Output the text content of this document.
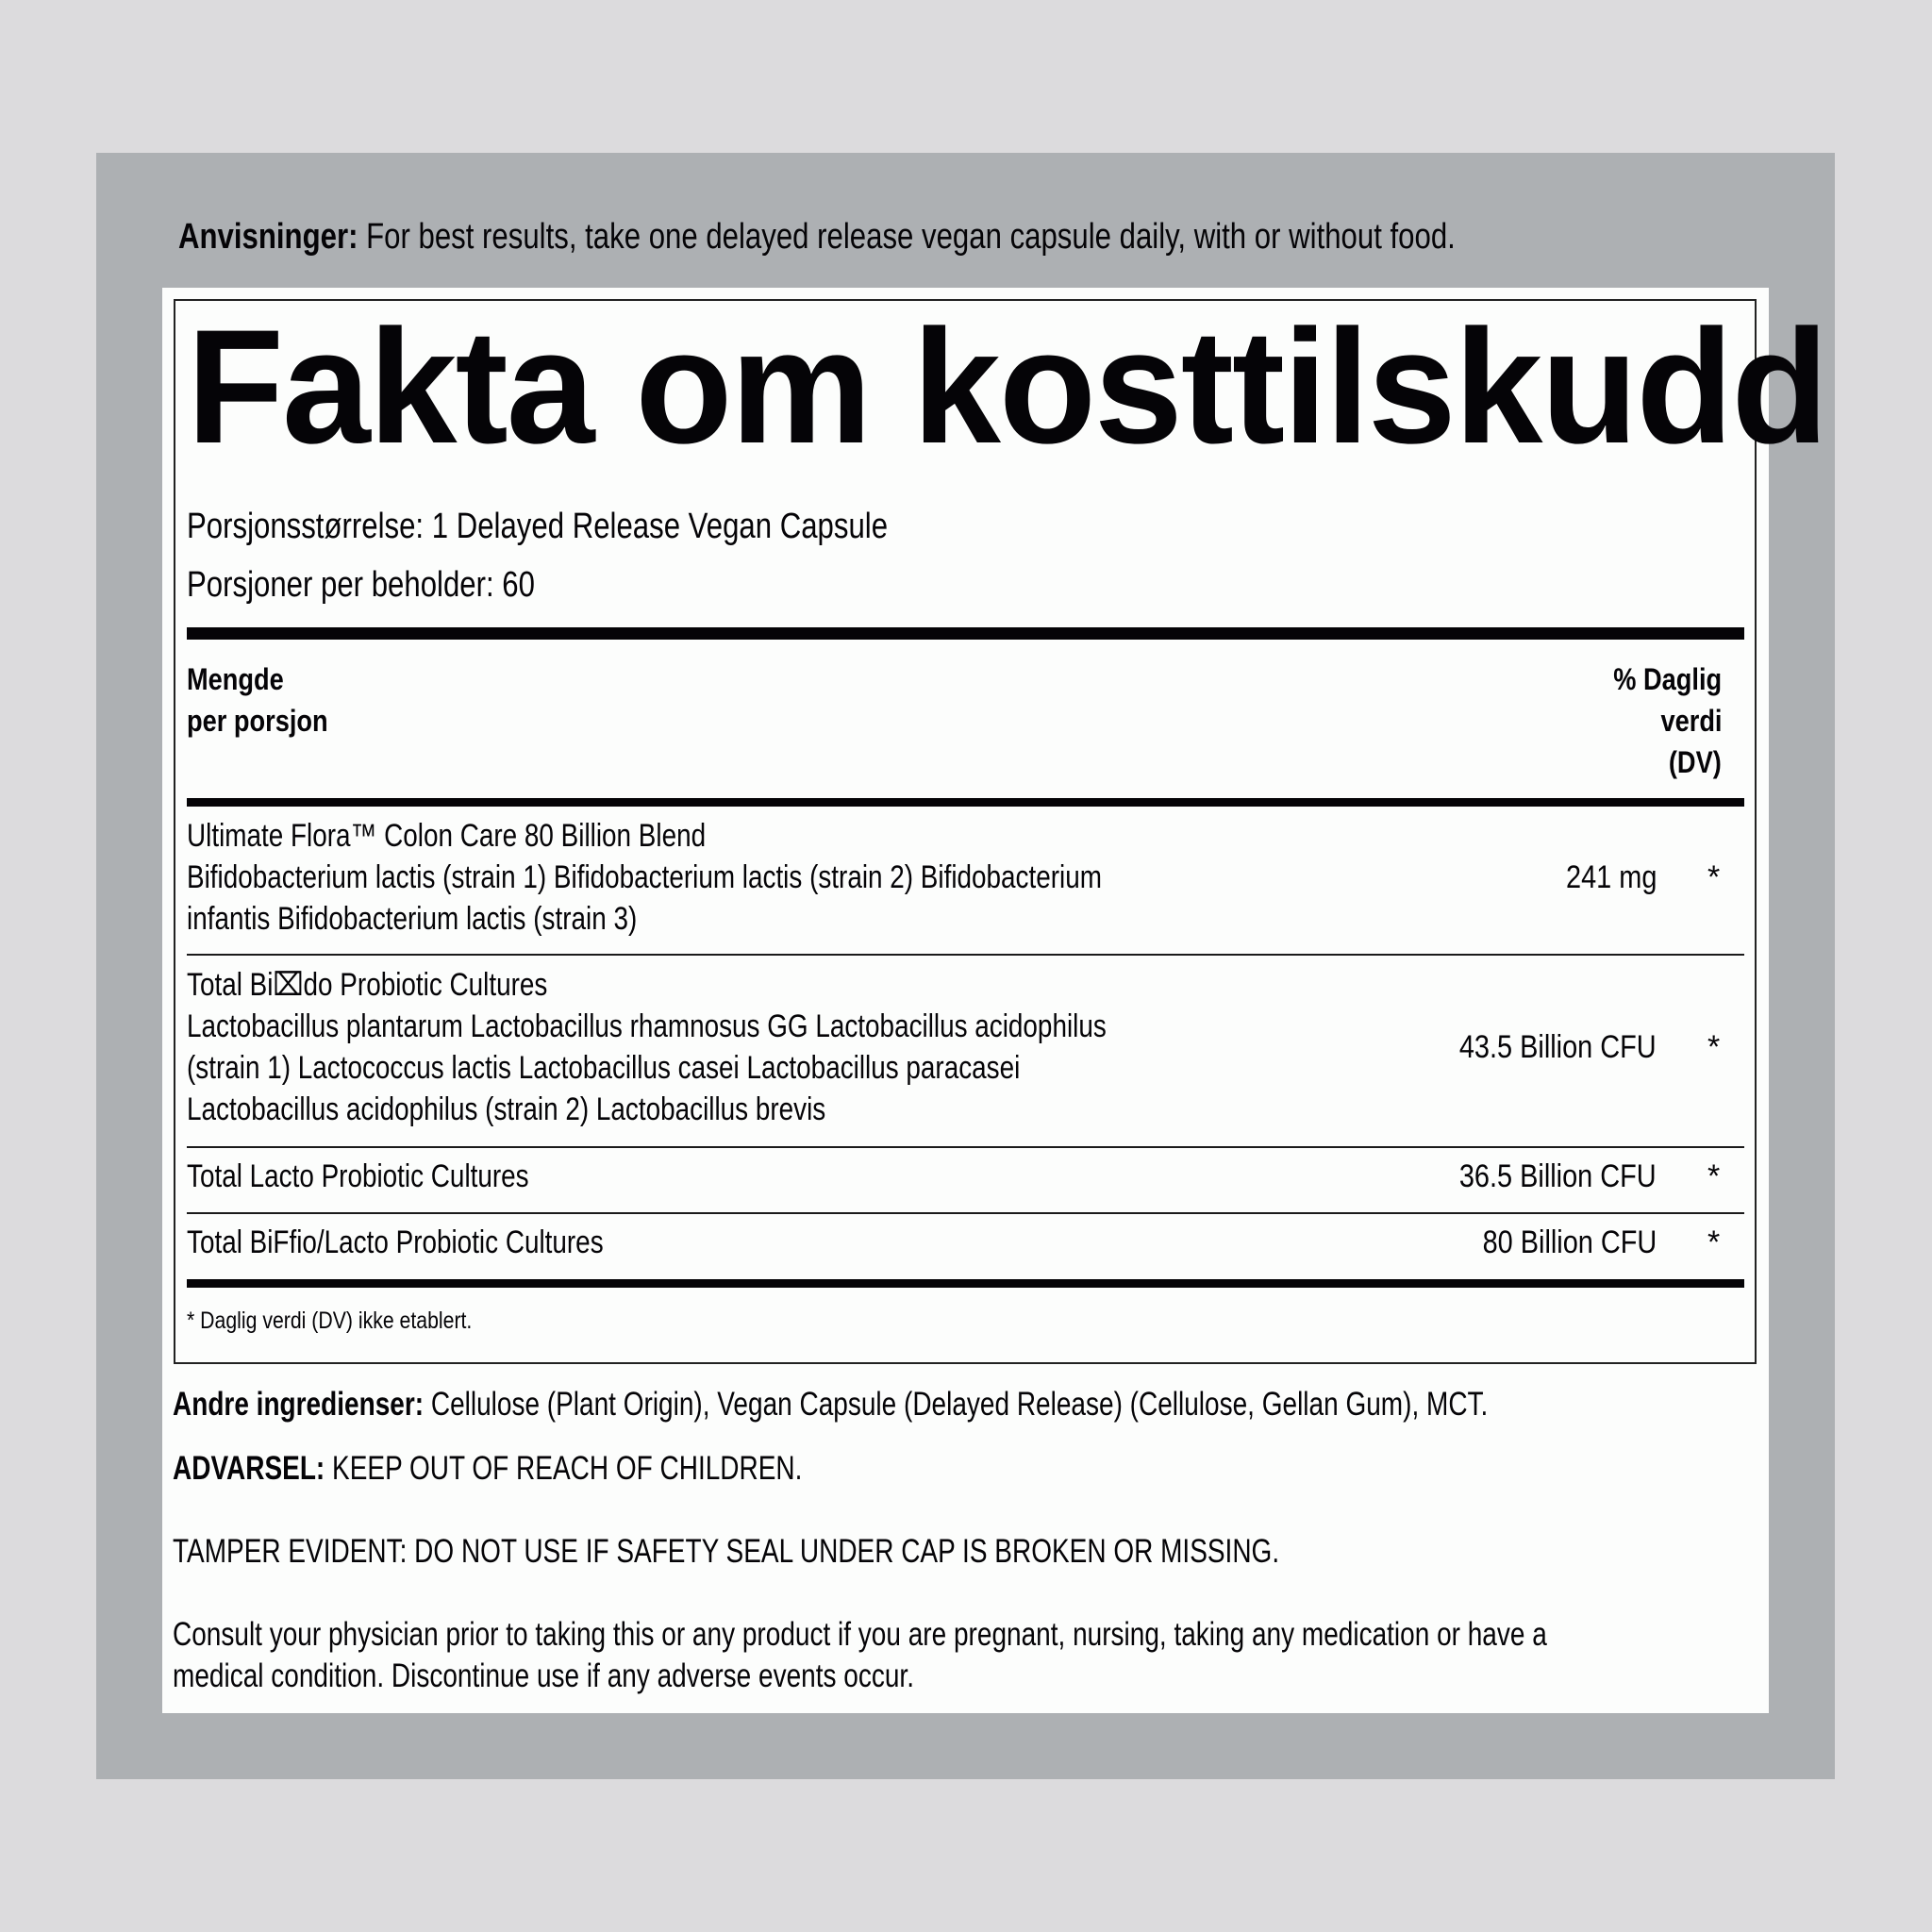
Anvisninger: For best results, take one delayed release vegan capsule daily, with or without food.
Fakta om kosttilskudd
Porsjonsstørrelse: 1 Delayed Release Vegan Capsule
Porsjoner per beholder: 60
Mengde
per porsjon
% Daglig
verdi
(DV)
Ultimate Flora™ Colon Care 80 Billion Blend
Bifidobacterium lactis (strain 1) Bifidobacterium lactis (strain 2) Bifidobacterium
infantis Bifidobacterium lactis (strain 3)
241 mg *
Total Bi⌧do Probiotic Cultures
Lactobacillus plantarum Lactobacillus rhamnosus GG Lactobacillus acidophilus
(strain 1) Lactococcus lactis Lactobacillus casei Lactobacillus paracasei
Lactobacillus acidophilus (strain 2) Lactobacillus brevis
43.5 Billion CFU *
Total Lacto Probiotic Cultures	36.5 Billion CFU *
Total BiFfio/Lacto Probiotic Cultures	80 Billion CFU *
* Daglig verdi (DV) ikke etablert.
Andre ingredienser: Cellulose (Plant Origin), Vegan Capsule (Delayed Release) (Cellulose, Gellan Gum), MCT.
ADVARSEL: KEEP OUT OF REACH OF CHILDREN.
TAMPER EVIDENT: DO NOT USE IF SAFETY SEAL UNDER CAP IS BROKEN OR MISSING.
Consult your physician prior to taking this or any product if you are pregnant, nursing, taking any medication or have a
medical condition. Discontinue use if any adverse events occur.
